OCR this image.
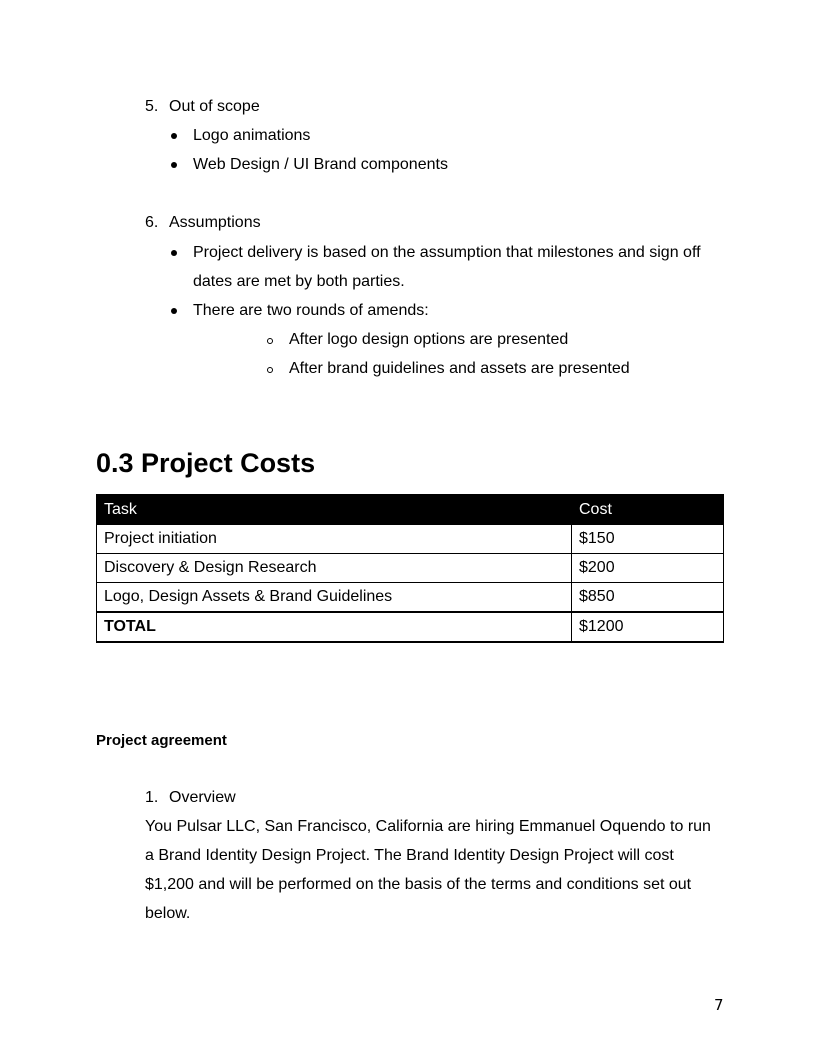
5. Out of scope
Logo animations
Web Design / UI Brand components
6. Assumptions
Project delivery is based on the assumption that milestones and sign off
dates are met by both parties.
There are two rounds of amends:
After logo design options are presented
After brand guidelines and assets are presented
0.3 Project Costs
Task	Cost
Project initiation	$150
Discovery & Design Research	$200
Logo, Design Assets & Brand Guidelines	$850
TOTAL	$1200
Project agreement
1. Overview
You Pulsar LLC, San Francisco, California are hiring Emmanuel Oquendo to run
a Brand Identity Design Project. The Brand Identity Design Project will cost
$1,200 and will be performed on the basis of the terms and conditions set out
below.
7
